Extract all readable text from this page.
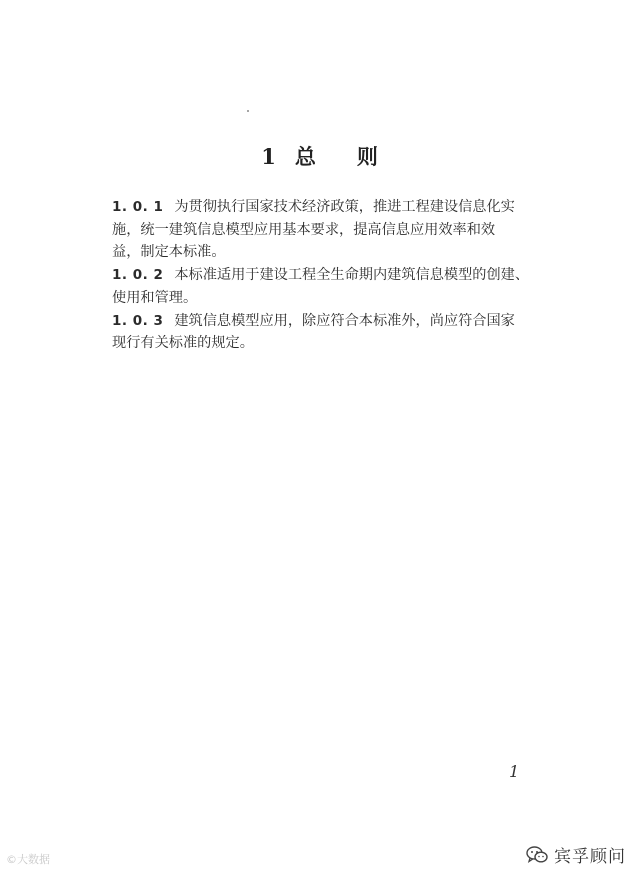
1 总 则

1. 0. 1 为贯彻执行国家技术经济政策，推进工程建设信息化实
施，统一建筑信息模型应用基本要求，提高信息应用效率和效
益，制定本标准。

1. 0. 2 本标准适用于建设工程全生命期内建筑信息模型的创建、
使用和管理。

1. 0. 3 建筑信息模型应用，除应符合本标准外，尚应符合国家
现行有关标准的规定。

1
©大数据	宾孚顾问
